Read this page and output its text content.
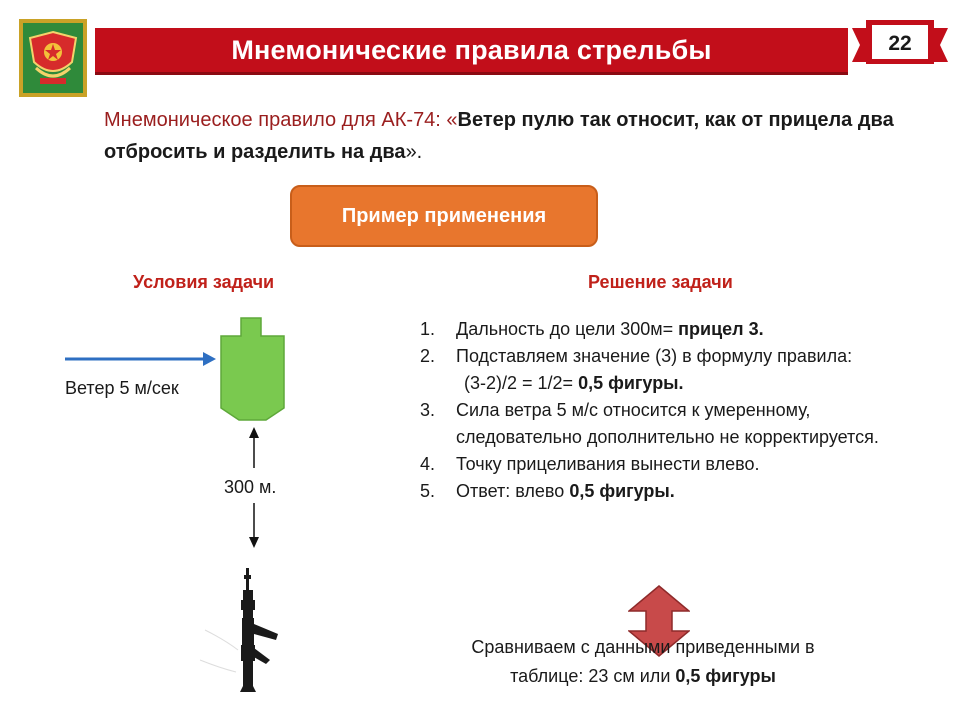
Мнемонические правила стрельбы	22
Мнемоническое правило для АК-74: «Ветер пулю так относит, как от прицела два отбросить и разделить на два».
Пример применения
Условия задачи	Решение задачи
Ветер 5 м/сек
300 м.
1. Дальность до цели 300м= прицел 3.
2. Подставляем значение (3) в формулу правила:
(3-2)/2 = 1/2= 0,5 фигуры.
3. Сила ветра 5 м/с относится к умеренному, следовательно дополнительно не корректируется.
4. Точку прицеливания вынести влево.
5. Ответ: влево 0,5 фигуры.
Сравниваем с данными приведенными в
таблице: 23 см или 0,5 фигуры
